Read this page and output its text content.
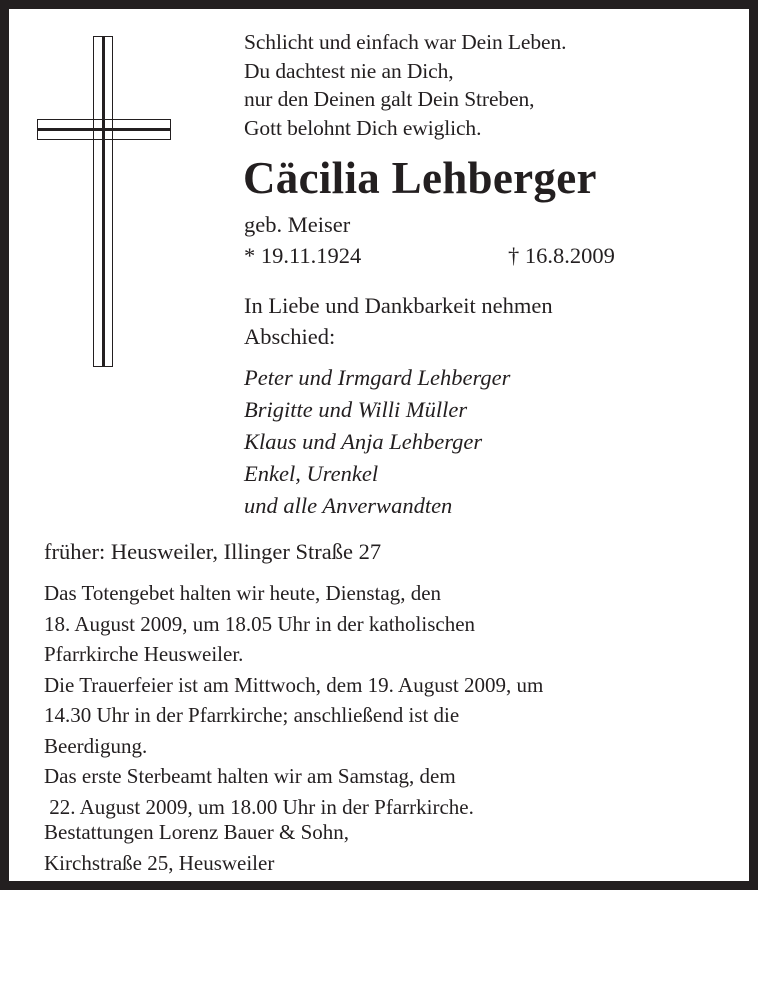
Schlicht und einfach war Dein Leben.
Du dachtest nie an Dich,
nur den Deinen galt Dein Streben,
Gott belohnt Dich ewiglich.
Cäcilia Lehberger
geb. Meiser
* 19.11.1924	† 16.8.2009
In Liebe und Dankbarkeit nehmen
Abschied:
Peter und Irmgard Lehberger
Brigitte und Willi Müller
Klaus und Anja Lehberger
Enkel, Urenkel
und alle Anverwandten
früher: Heusweiler, Illinger Straße 27
Das Totengebet halten wir heute, Dienstag, den
18. August 2009, um 18.05 Uhr in der katholischen
Pfarrkirche Heusweiler.
Die Trauerfeier ist am Mittwoch, dem 19. August 2009, um
14.30 Uhr in der Pfarrkirche; anschließend ist die
Beerdigung.
Das erste Sterbeamt halten wir am Samstag, dem
22. August 2009, um 18.00 Uhr in der Pfarrkirche.
Bestattungen Lorenz Bauer & Sohn,
Kirchstraße 25, Heusweiler
